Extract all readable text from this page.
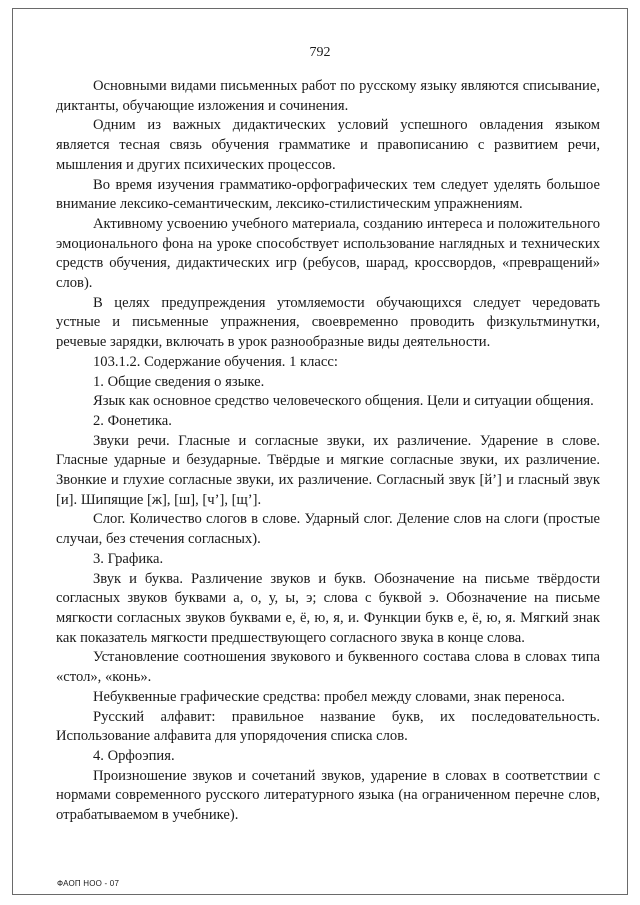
792

Основными видами письменных работ по русскому языку являются списывание, диктанты, обучающие изложения и сочинения.

Одним из важных дидактических условий успешного овладения языком является тесная связь обучения грамматике и правописанию с развитием речи, мышления и других психических процессов.

Во время изучения грамматико-орфографических тем следует уделять большое внимание лексико-семантическим, лексико-стилистическим упражнениям.

Активному усвоению учебного материала, созданию интереса и положительного эмоционального фона на уроке способствует использование наглядных и технических средств обучения, дидактических игр (ребусов, шарад, кроссвордов, «превращений» слов).

В целях предупреждения утомляемости обучающихся следует чередовать устные и письменные упражнения, своевременно проводить физкультминутки, речевые зарядки, включать в урок разнообразные виды деятельности.

103.1.2. Содержание обучения. 1 класс:

1. Общие сведения о языке.

Язык как основное средство человеческого общения. Цели и ситуации общения.

2. Фонетика.

Звуки речи. Гласные и согласные звуки, их различение. Ударение в слове. Гласные ударные и безударные. Твёрдые и мягкие согласные звуки, их различение. Звонкие и глухие согласные звуки, их различение. Согласный звук [й’] и гласный звук [и]. Шипящие [ж], [ш], [ч’], [щ’].

Слог. Количество слогов в слове. Ударный слог. Деление слов на слоги (простые случаи, без стечения согласных).

3. Графика.

Звук и буква. Различение звуков и букв. Обозначение на письме твёрдости согласных звуков буквами а, о, у, ы, э; слова с буквой э. Обозначение на письме мягкости согласных звуков буквами е, ё, ю, я, и. Функции букв е, ё, ю, я. Мягкий знак как показатель мягкости предшествующего согласного звука в конце слова.

Установление соотношения звукового и буквенного состава слова в словах типа «стол», «конь».

Небуквенные графические средства: пробел между словами, знак переноса.

Русский алфавит: правильное название букв, их последовательность. Использование алфавита для упорядочения списка слов.

4. Орфоэпия.

Произношение звуков и сочетаний звуков, ударение в словах в соответствии с нормами современного русского литературного языка (на ограниченном перечне слов, отрабатываемом в учебнике).

ФАОП НОО - 07
